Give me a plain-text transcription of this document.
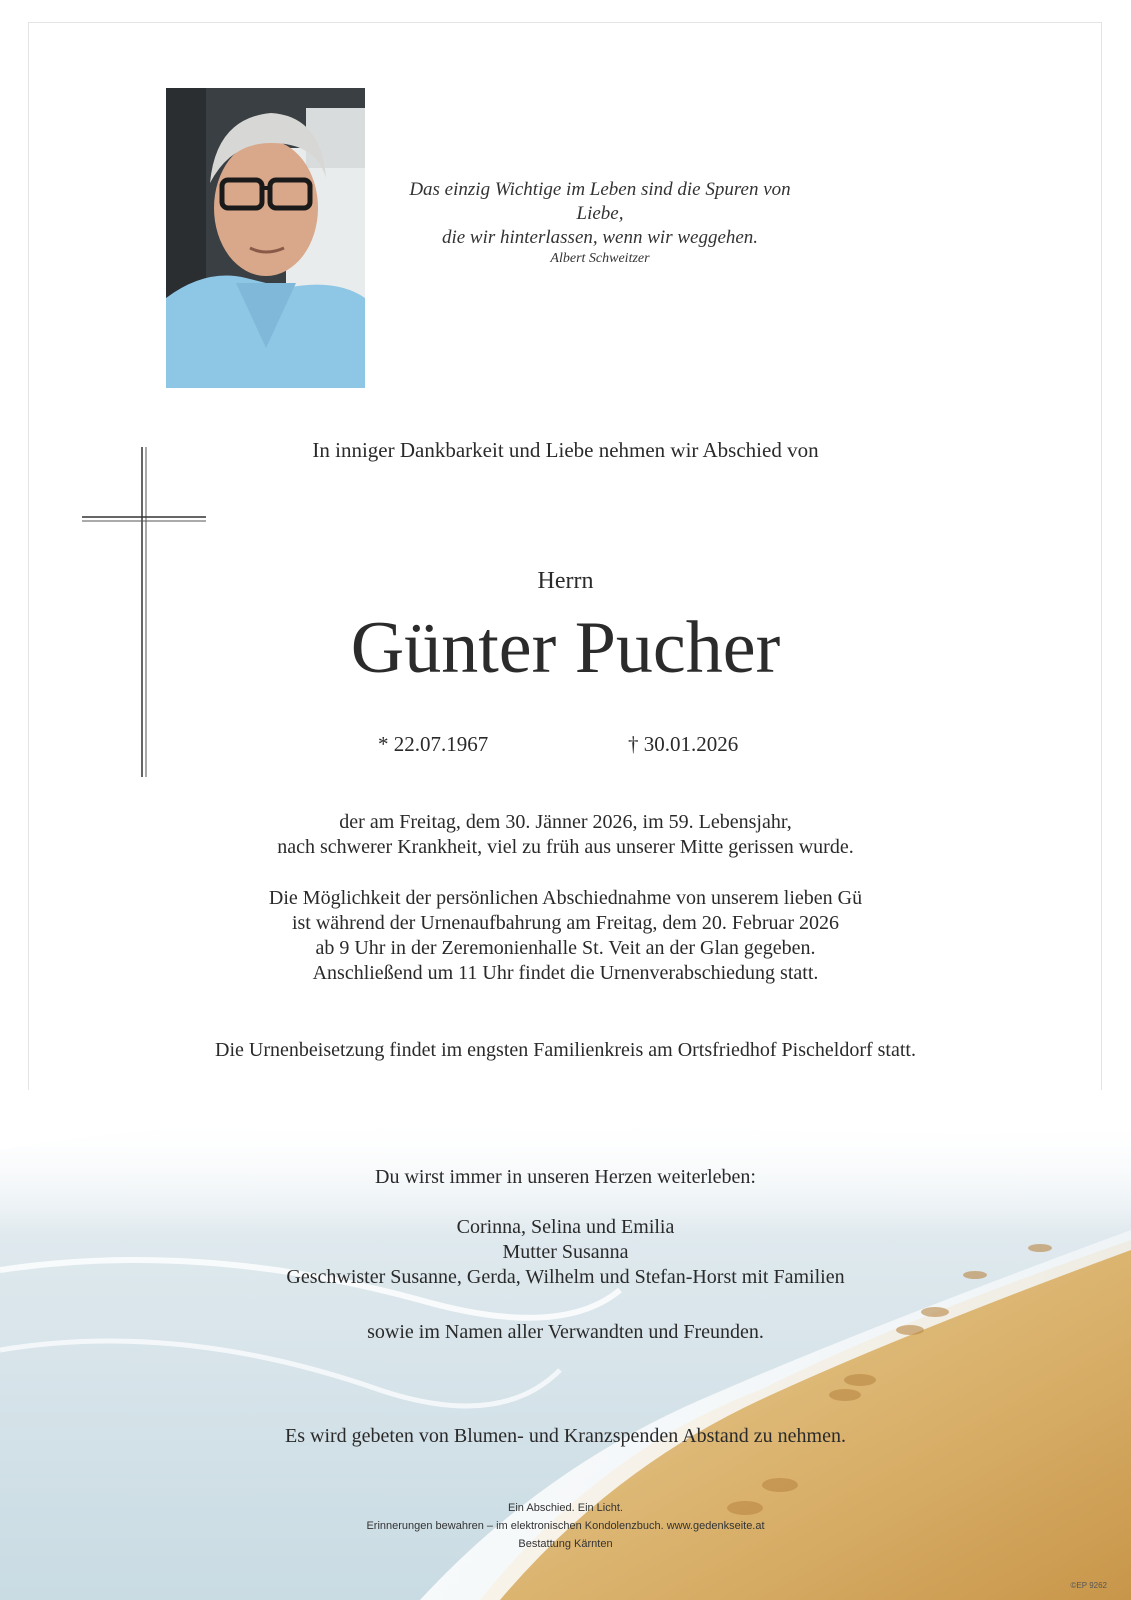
Das einzig Wichtige im Leben sind die Spuren von Liebe,
die wir hinterlassen, wenn wir weggehen.
Albert Schweitzer
In inniger Dankbarkeit und Liebe nehmen wir Abschied von
Herrn
Günter Pucher
* 22.07.1967	† 30.01.2026
der am Freitag, dem 30. Jänner 2026, im 59. Lebensjahr,
nach schwerer Krankheit, viel zu früh aus unserer Mitte gerissen wurde.
Die Möglichkeit der persönlichen Abschiednahme von unserem lieben Gü
ist während der Urnenaufbahrung am Freitag, dem 20. Februar 2026
ab 9 Uhr in der Zeremonienhalle St. Veit an der Glan gegeben.
Anschließend um 11 Uhr findet die Urnenverabschiedung statt.
Die Urnenbeisetzung findet im engsten Familienkreis am Ortsfriedhof Pischeldorf statt.
Du wirst immer in unseren Herzen weiterleben:
Corinna, Selina und Emilia
Mutter Susanna
Geschwister Susanne, Gerda, Wilhelm und Stefan-Horst mit Familien
sowie im Namen aller Verwandten und Freunden.
Es wird gebeten von Blumen- und Kranzspenden Abstand zu nehmen.
Ein Abschied. Ein Licht.
Erinnerungen bewahren – im elektronischen Kondolenzbuch. www.gedenkseite.at
Bestattung Kärnten
©EP 9262
